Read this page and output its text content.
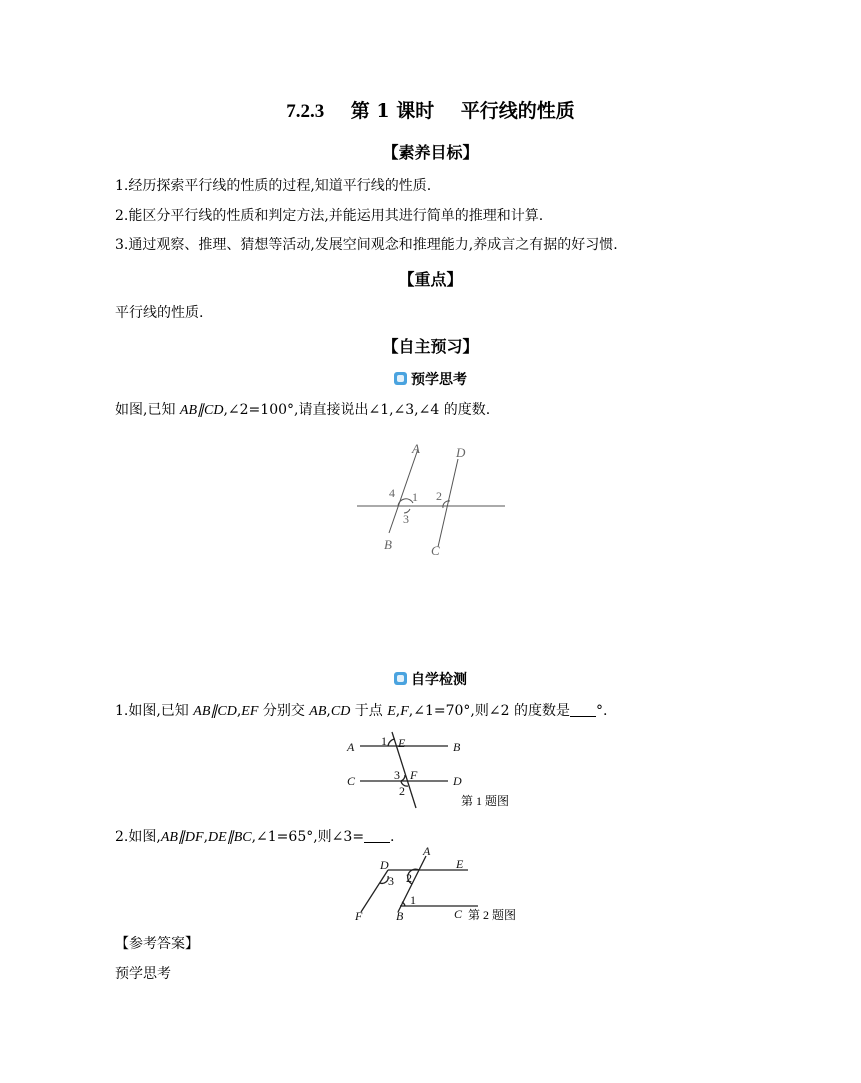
7.2.3 第 1 课时 平行线的性质
【素养目标】
1.经历探索平行线的性质的过程,知道平行线的性质.
2.能区分平行线的性质和判定方法,并能运用其进行简单的推理和计算.
3.通过观察、推理、猜想等活动,发展空间观念和推理能力,养成言之有据的好习惯.
【重点】
平行线的性质.
【自主预习】
预学思考
如图,已知 AB∥CD,∠2=100°,请直接说出∠1,∠3,∠4 的度数.
A	D
B	C
4 1
3
2
自学检测
1.如图,已知 AB∥CD,EF 分别交 AB,CD 于点 E,F,∠1=70°,则∠2 的度数是 °.
A	B
C	D
E
F
1
3
2
第 1 题图
2.如图,AB∥DF,DE∥BC,∠1=65°,则∠3= .
D
A
E
F	B	C
2
3
1
第 2 题图
【参考答案】
预学思考
